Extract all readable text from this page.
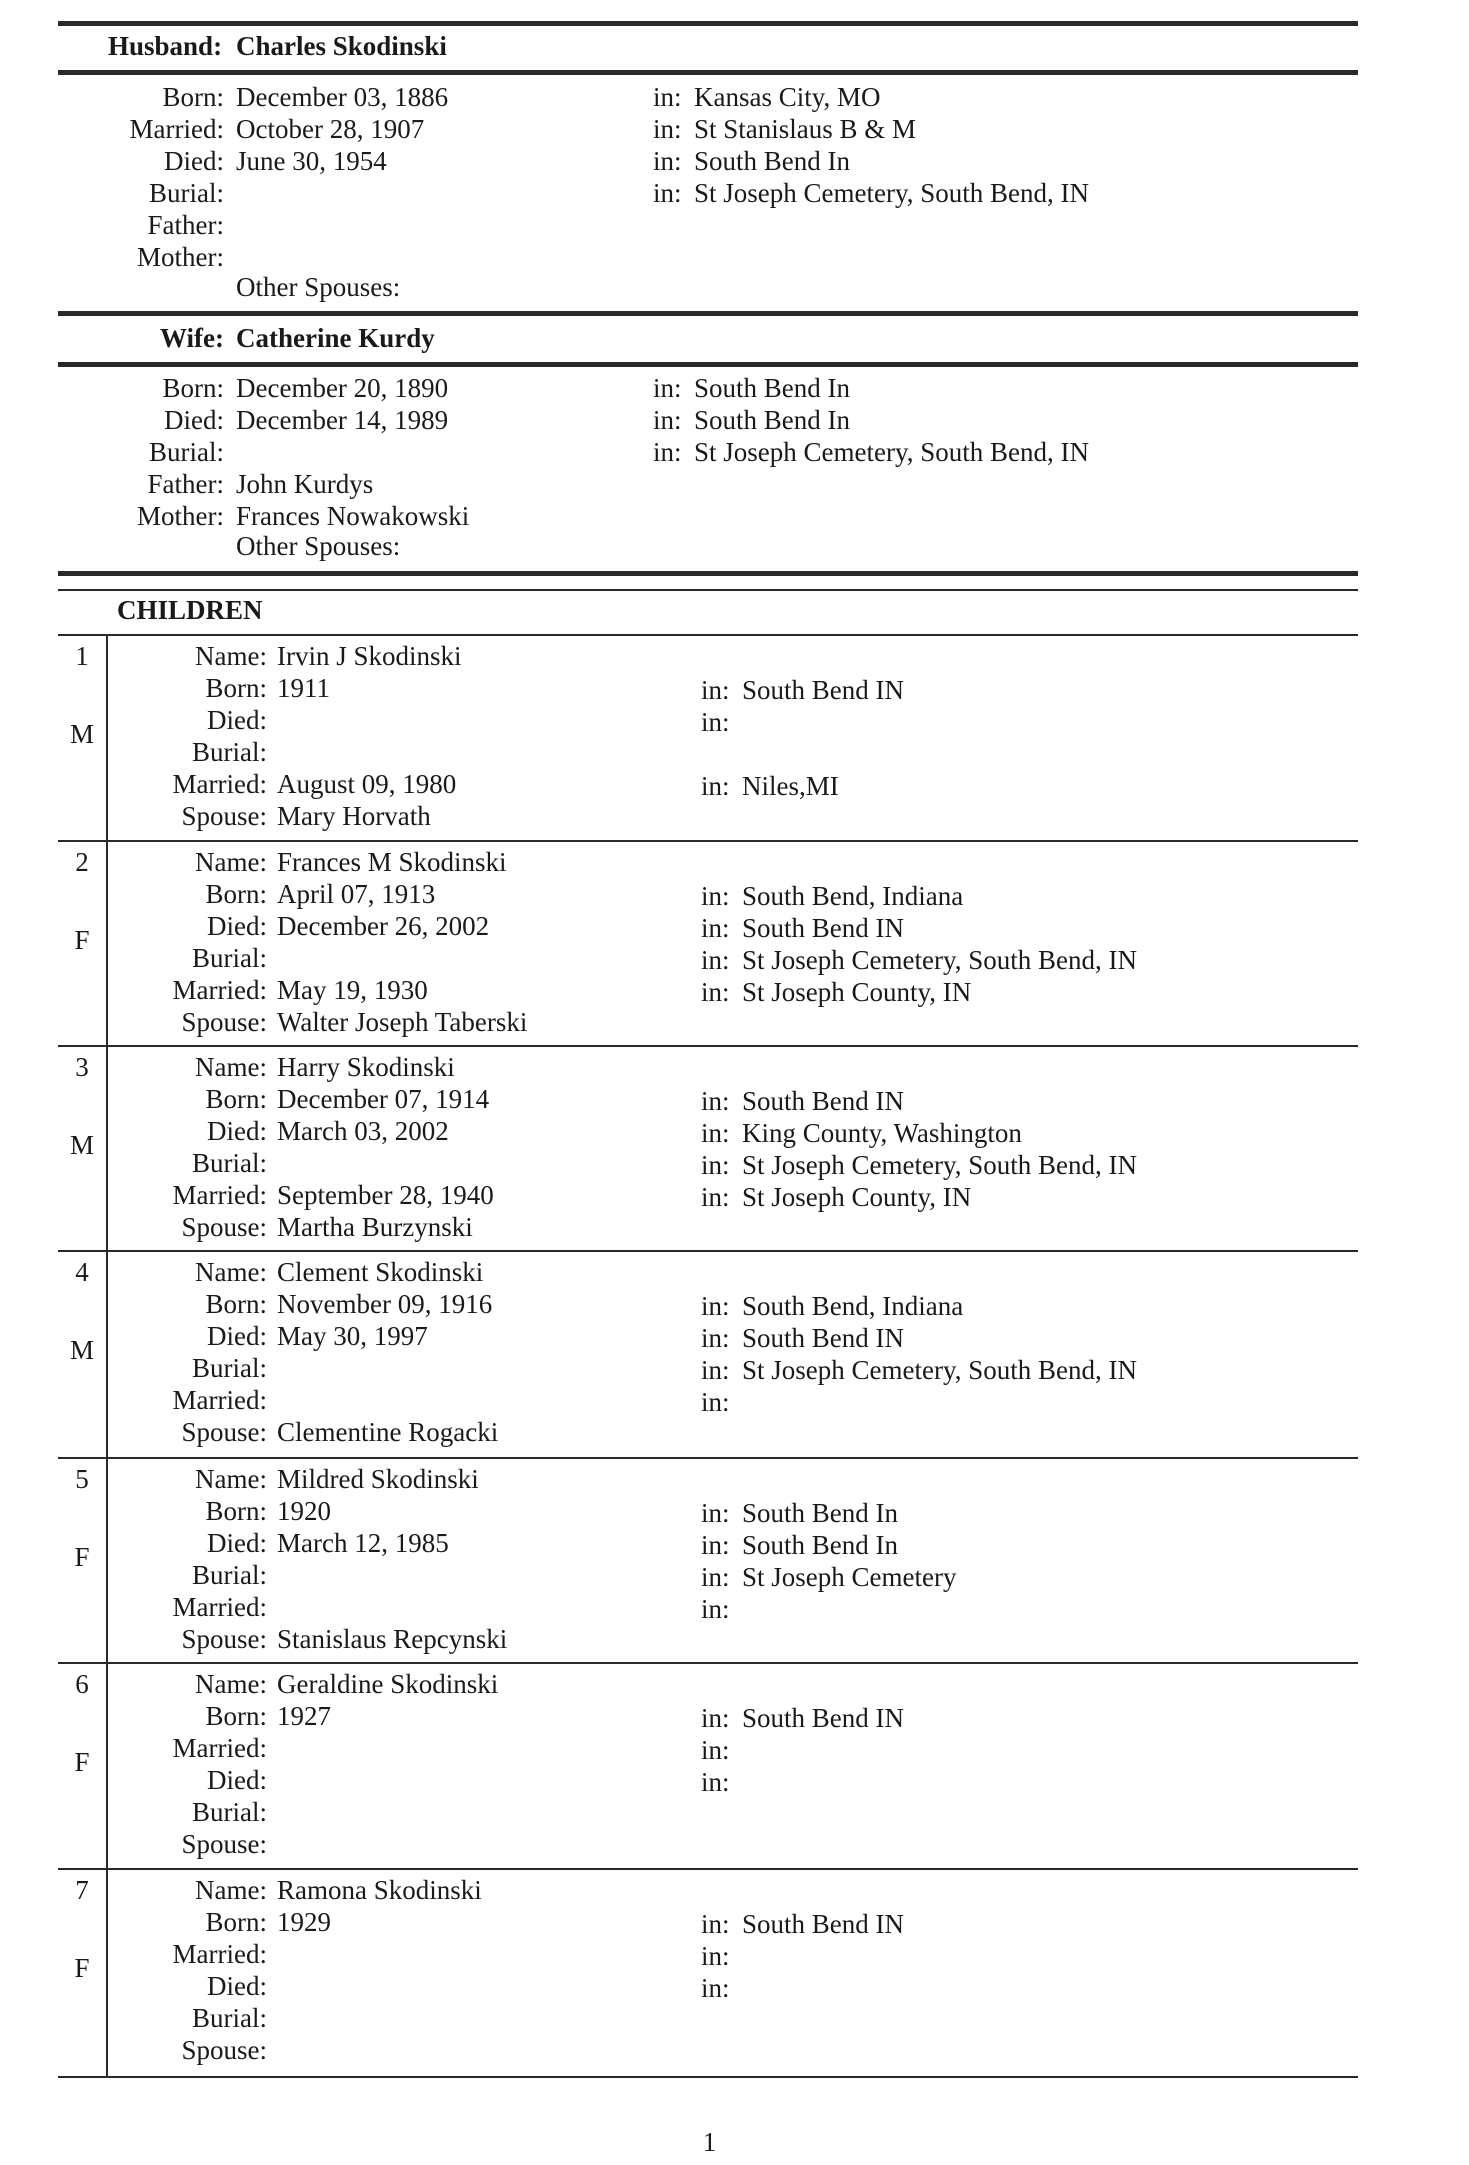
Husband: Charles Skodinski
Born: December 03, 1886	in: Kansas City, MO
Married: October 28, 1907	in: St Stanislaus B & M
Died: June 30, 1954	in: South Bend In
Burial:	in: St Joseph Cemetery, South Bend, IN
Father:
Mother:
Other Spouses:
Wife: Catherine Kurdy
Born: December 20, 1890	in: South Bend In
Died: December 14, 1989	in: South Bend In
Burial:	in: St Joseph Cemetery, South Bend, IN
Father: John Kurdys
Mother: Frances Nowakowski
Other Spouses:
CHILDREN
1
M
Name: Irvin J Skodinski
Born: 1911	in: South Bend IN
Died:	in:
Burial:
Married: August 09, 1980	in: Niles,MI
Spouse: Mary Horvath
2
F
Name: Frances M Skodinski
Born: April 07, 1913	in: South Bend, Indiana
Died: December 26, 2002	in: South Bend IN
Burial:	in: St Joseph Cemetery, South Bend, IN
Married: May 19, 1930	in: St Joseph County, IN
Spouse: Walter Joseph Taberski
3
M
Name: Harry Skodinski
Born: December 07, 1914	in: South Bend IN
Died: March 03, 2002	in: King County, Washington
Burial:	in: St Joseph Cemetery, South Bend, IN
Married: September 28, 1940	in: St Joseph County, IN
Spouse: Martha Burzynski
4
M
Name: Clement Skodinski
Born: November 09, 1916	in: South Bend, Indiana
Died: May 30, 1997	in: South Bend IN
Burial:	in: St Joseph Cemetery, South Bend, IN
Married:	in:
Spouse: Clementine Rogacki
5
F
Name: Mildred Skodinski
Born: 1920	in: South Bend In
Died: March 12, 1985	in: South Bend In
Burial:	in: St Joseph Cemetery
Married:	in:
Spouse: Stanislaus Repcynski
6
F
Name: Geraldine Skodinski
Born: 1927	in: South Bend IN
Married:	in:
Died:	in:
Burial:
Spouse:
7
F
Name: Ramona Skodinski
Born: 1929	in: South Bend IN
Married:	in:
Died:	in:
Burial:
Spouse:
1
